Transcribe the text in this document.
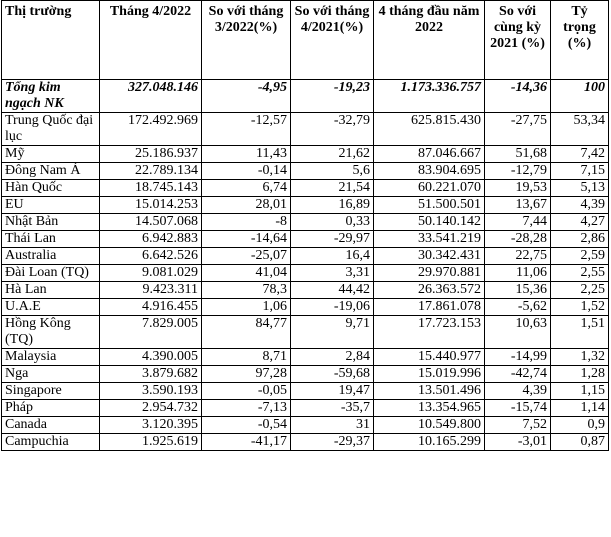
Thị trường	Tháng 4/2022	So với tháng 3/2022(%)	So với tháng 4/2021(%)	4 tháng đầu năm 2022	So với cùng kỳ 2021 (%)	Tỷ trọng (%)
Tổng kim ngạch NK	327.048.146	-4,95	-19,23	1.173.336.757	-14,36	100
Trung Quốc đại lục	172.492.969	-12,57	-32,79	625.815.430	-27,75	53,34
Mỹ	25.186.937	11,43	21,62	87.046.667	51,68	7,42
Đông Nam Á	22.789.134	-0,14	5,6	83.904.695	-12,79	7,15
Hàn Quốc	18.745.143	6,74	21,54	60.221.070	19,53	5,13
EU	15.014.253	28,01	16,89	51.500.501	13,67	4,39
Nhật Bản	14.507.068	-8	0,33	50.140.142	7,44	4,27
Thái Lan	6.942.883	-14,64	-29,97	33.541.219	-28,28	2,86
Australia	6.642.526	-25,07	16,4	30.342.431	22,75	2,59
Đài Loan (TQ)	9.081.029	41,04	3,31	29.970.881	11,06	2,55
Hà Lan	9.423.311	78,3	44,42	26.363.572	15,36	2,25
U.A.E	4.916.455	1,06	-19,06	17.861.078	-5,62	1,52
Hồng Kông (TQ)	7.829.005	84,77	9,71	17.723.153	10,63	1,51
Malaysia	4.390.005	8,71	2,84	15.440.977	-14,99	1,32
Nga	3.879.682	97,28	-59,68	15.019.996	-42,74	1,28
Singapore	3.590.193	-0,05	19,47	13.501.496	4,39	1,15
Pháp	2.954.732	-7,13	-35,7	13.354.965	-15,74	1,14
Canada	3.120.395	-0,54	31	10.549.800	7,52	0,9
Campuchia	1.925.619	-41,17	-29,37	10.165.299	-3,01	0,87
